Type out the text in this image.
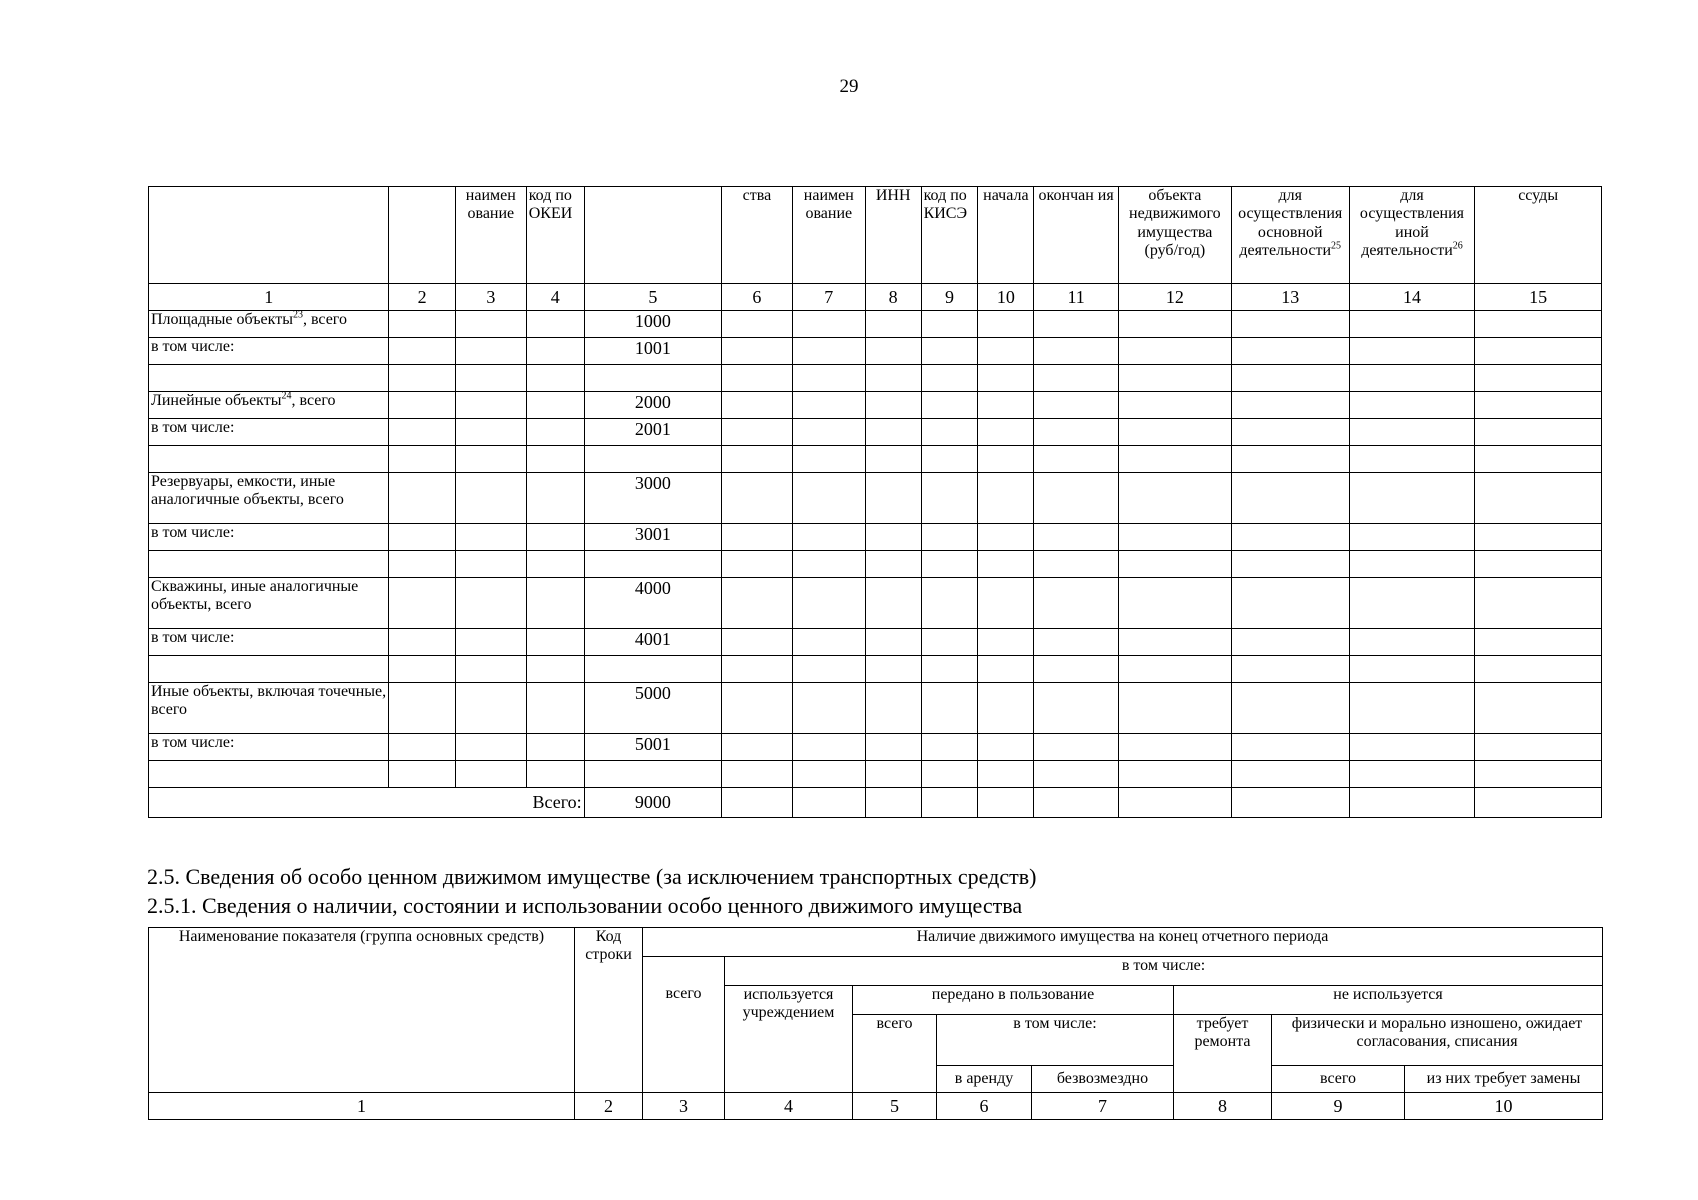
29
		наимен ование	код по ОКЕИ		ства	наимен ование	ИНН	код по КИСЭ	начала	окончан ия	объекта недвижимого имущества (руб/год)	для осуществления основной деятельности$^{25}$	для осуществления иной деятельности$^{26}$	ссуды
1	2	3	4	5	6	7	8	9	10	11	12	13	14	15
Площадные объекты$^{23}$, всего				1000										
в том числе:				1001										

Линейные объекты$^{24}$, всего				2000										
в том числе:				2001										

Резервуары, емкости, иные аналогичные объекты, всего				3000										
в том числе:				3001										

Скважины, иные аналогичные объекты, всего				4000										
в том числе:				4001										

Иные объекты, включая точечные, всего				5000										
в том числе:				5001										

Всего:				9000										
2.5. Сведения об особо ценном движимом имуществе (за исключением транспортных средств)
2.5.1. Сведения о наличии, состоянии и использовании особо ценного движимого имущества
Наименование показателя (группа основных средств)	Код строки	Наличие движимого имущества на конец отчетного периода							
		всего	в том числе:						
			используется учреждением	передано в пользование			не используется		
				всего	в том числе:		требует ремонта	физически и морально изношено, ожидает согласования, списания	
					в аренду	безвозмездно		всего	из них требует замены
1	2	3	4	5	6	7	8	9	10
